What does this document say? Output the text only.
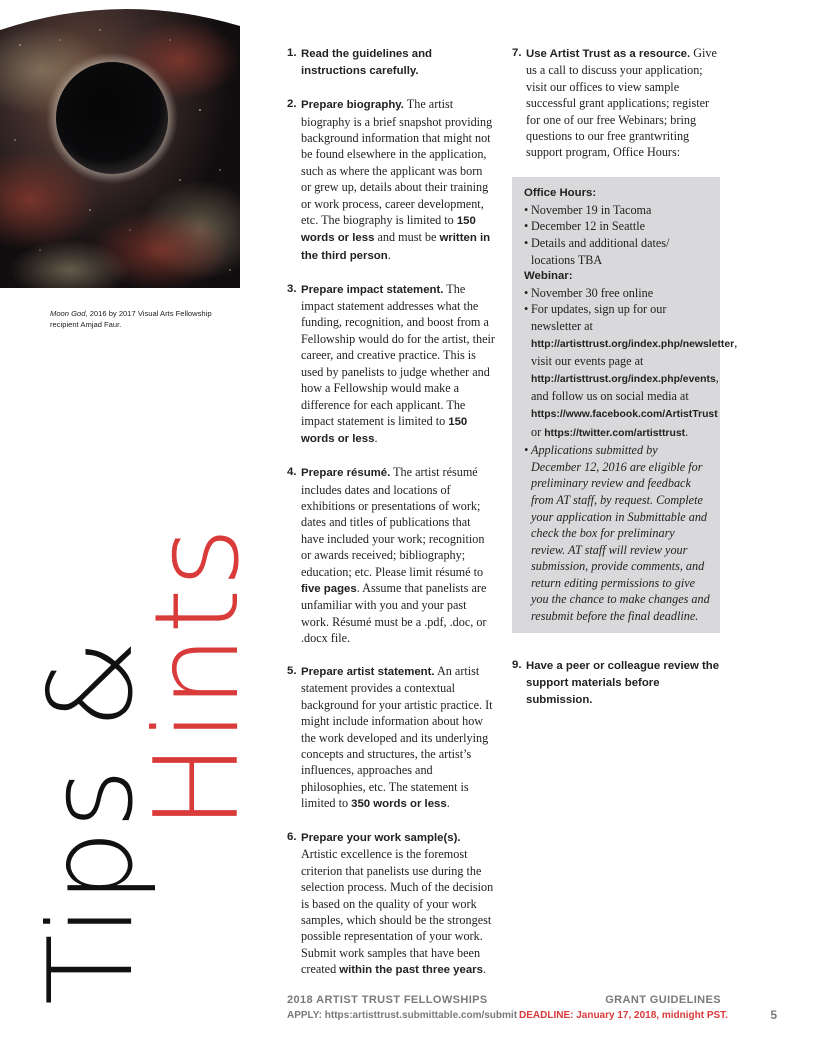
Moon God, 2016 by 2017 Visual Arts Fellowship recipient Amjad Faur.
Tips &
Hints
1. Read the guidelines and instructions carefully.
2. Prepare biography. The artist biography is a brief snapshot providing background information that might not be found elsewhere in the application, such as where the applicant was born or grew up, details about their training or work process, career development, etc. The biography is limited to 150 words or less and must be written in the third person.
3. Prepare impact statement. The impact statement addresses what the funding, recognition, and boost from a Fellowship would do for the artist, their career, and creative practice. This is used by panelists to judge whether and how a Fellowship would make a difference for each applicant. The impact statement is limited to 150 words or less.
4. Prepare résumé. The artist résumé includes dates and locations of exhibitions or presentations of work; dates and titles of publications that have included your work; recognition or awards received; bibliography; education; etc. Please limit résumé to five pages. Assume that panelists are unfamiliar with you and your past work. Résumé must be a .pdf, .doc, or .docx file.
5. Prepare artist statement. An artist statement provides a contextual background for your artistic practice. It might include information about how the work developed and its underlying concepts and structures, the artist’s influences, approaches and philosophies, etc. The statement is limited to 350 words or less.
6. Prepare your work sample(s). Artistic excellence is the foremost criterion that panelists use during the selection process. Much of the decision is based on the quality of your work samples, which should be the strongest possible representation of your work. Submit work samples that have been created within the past three years.
7. Use Artist Trust as a resource. Give us a call to discuss your application; visit our offices to view sample successful grant applications; register for one of our free Webinars; bring questions to our free grantwriting support program, Office Hours:
Office Hours:
• November 19 in Tacoma
• December 12 in Seattle
• Details and additional dates/ locations TBA
Webinar:
• November 30 free online
• For updates, sign up for our newsletter at http://artisttrust.org/index.php/newsletter, visit our events page at http://artisttrust.org/index.php/events, and follow us on social media at https://www.facebook.com/ArtistTrust or https://twitter.com/artisttrust.
• Applications submitted by December 12, 2016 are eligible for preliminary review and feedback from AT staff, by request. Complete your application in Submittable and check the box for preliminary review. AT staff will review your submission, provide comments, and return editing permissions to give you the chance to make changes and resubmit before the final deadline.
9. Have a peer or colleague review the support materials before submission.
2018 ARTIST TRUST FELLOWSHIPS	GRANT GUIDELINES
APPLY: https:artisttrust.submittable.com/submit DEADLINE: January 17, 2018, midnight PST.	5
